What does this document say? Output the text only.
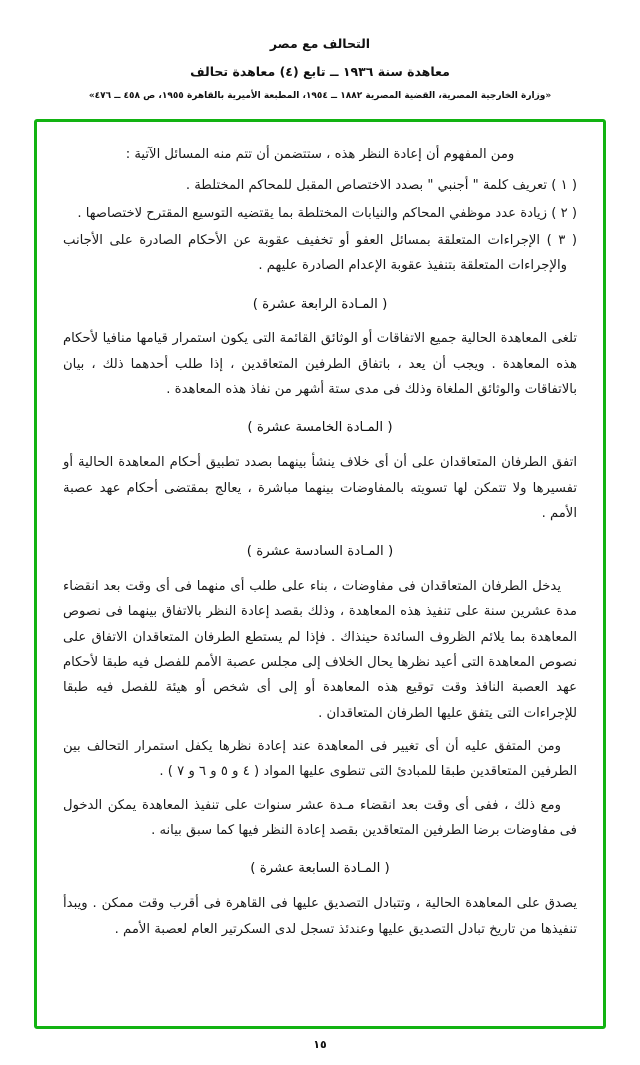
التحالف مع مصر
معاهدة سنة ١٩٣٦ ــ تابع (٤) معاهدة تحالف
«وزارة الخارجية المصرية، القضية المصرية ١٨٨٢ ــ ١٩٥٤، المطبعة الأميرية بالقاهرة ١٩٥٥، ص ٤٥٨ ــ ٤٧٦»

ومن المفهوم أن إعادة النظر هذه ، ستتضمن أن تتم منه المسائل الآتية :

( ١ ) تعريف كلمة " أجنبي " بصدد الاختصاص المقبل للمحاكم المختلطة .

( ٢ ) زيادة عدد موظفي المحاكم والنيابات المختلطة بما يقتضيه التوسيع المقترح لاختصاصها .

( ٣ ) الإجراءات المتعلقة بمسائل العفو أو تخفيف عقوبة عن الأحكام الصادرة على الأجانب والإجراءات المتعلقة بتنفيذ عقوبة الإعدام الصادرة عليهم .

( المـادة الرابعة عشرة )

تلغى المعاهدة الحالية جميع الاتفاقات أو الوثائق القائمة التى يكون استمرار قيامها منافيا لأحكام هذه المعاهدة . ويجب أن يعد ، باتفاق الطرفين المتعاقدين ، إذا طلب أحدهما ذلك ، بيان بالاتفاقات والوثائق الملغاة وذلك فى مدى ستة أشهر من نفاذ هذه المعاهدة .

( المـادة الخامسة عشرة )

اتفق الطرفان المتعاقدان على أن أى خلاف ينشأ بينهما بصدد تطبيق أحكام المعاهدة الحالية أو تفسيرها ولا تتمكن لها تسويته بالمفاوضات بينهما مباشرة ، يعالج بمقتضى أحكام عهد عصبة الأمم .

( المـادة السادسة عشرة )

يدخل الطرفان المتعاقدان فى مفاوضات ، بناء على طلب أى منهما فى أى وقت بعد انقضاء مدة عشرين سنة على تنفيذ هذه المعاهدة ، وذلك بقصد إعادة النظر بالاتفاق بينهما فى نصوص المعاهدة بما يلائم الظروف السائدة حينذاك . فإذا لم يستطع الطرفان المتعاقدان الاتفاق على نصوص المعاهدة التى أعيد نظرها يحال الخلاف إلى مجلس عصبة الأمم للفصل فيه طبقا لأحكام عهد العصبة النافذ وقت توقيع هذه المعاهدة أو إلى أى شخص أو هيئة للفصل فيه طبقا للإجراءات التى يتفق عليها الطرفان المتعاقدان .

ومن المتفق عليه أن أى تغيير فى المعاهدة عند إعادة نظرها يكفل استمرار التحالف بين الطرفين المتعاقدين طبقا للمبادئ التى تنطوى عليها المواد ( ٤ و ٥ و ٦ و ٧ ) .

ومع ذلك ، ففى أى وقت بعد انقضاء مـدة عشر سنوات على تنفيذ المعاهدة يمكن الدخول فى مفاوضات برضا الطرفين المتعاقدين بقصد إعادة النظر فيها كما سبق بيانه .

( المـادة السابعة عشرة )

يصدق على المعاهدة الحالية ، وتتبادل التصديق عليها فى القاهرة فى أقرب وقت ممكن . ويبدأ تنفيذها من تاريخ تبادل التصديق عليها وعندئذ تسجل لدى السكرتير العام لعصبة الأمم .

١٥
